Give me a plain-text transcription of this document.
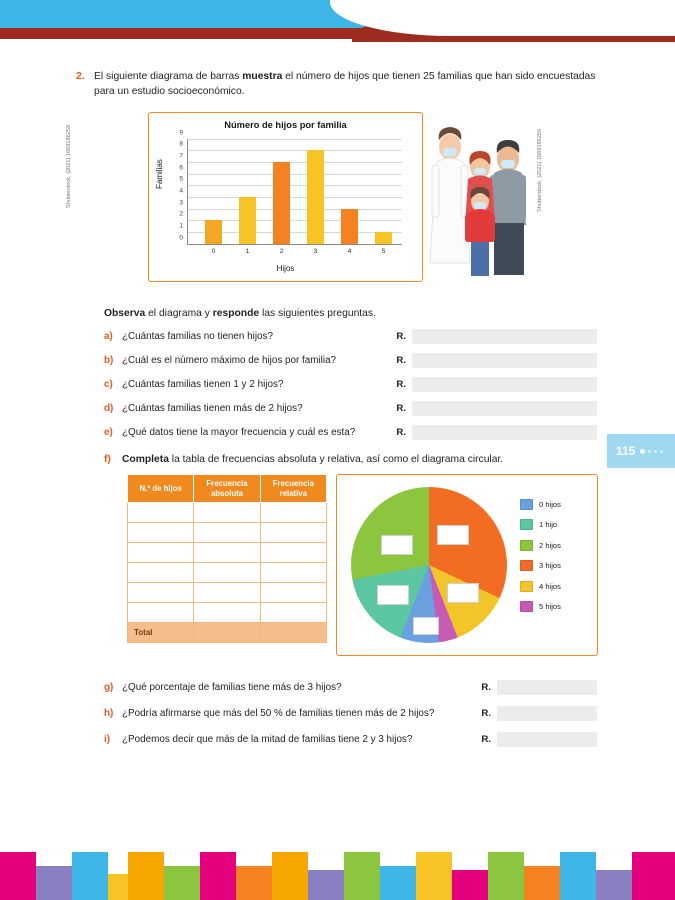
115
2. El siguiente diagrama de barras muestra el número de hijos que tienen 25 familias que han sido encuestadas para un estudio socioeconómico.
Shutterstock, (2021) 1669186259	Shutterstock, (2021) 1669186259
Número de hijos por familia
Familias
Hijos
0
1
2
3
4
5
6
7
8
9
0	1	2	3	4	5
Observa el diagrama y responde las siguientes preguntas.
a) ¿Cuántas familias no tienen hijos?	R.
b) ¿Cuál es el número máximo de hijos por familia?	R.
c) ¿Cuántas familias tienen 1 y 2 hijos?	R.
d) ¿Cuántas familias tienen más de 2 hijos?	R.
e) ¿Qué datos tiene la mayor frecuencia y cuál es esta?	R.
f)	Completa la tabla de frecuencias absoluta y relativa, así como el diagrama circular.
N.º de hijos	Frecuencia absoluta	Frecuencia relativa

Total		
0 hijos
1 hijo
2 hijos
3 hijos
4 hijos
5 hijos
g) ¿Qué porcentaje de familias tiene más de 3 hijos?	R.
h) ¿Podría afirmarse que más del 50 % de familias tienen más de 2 hijos?	R.
i)	¿Podemos decir que más de la mitad de familias tiene 2 y 3 hijos?	R.
